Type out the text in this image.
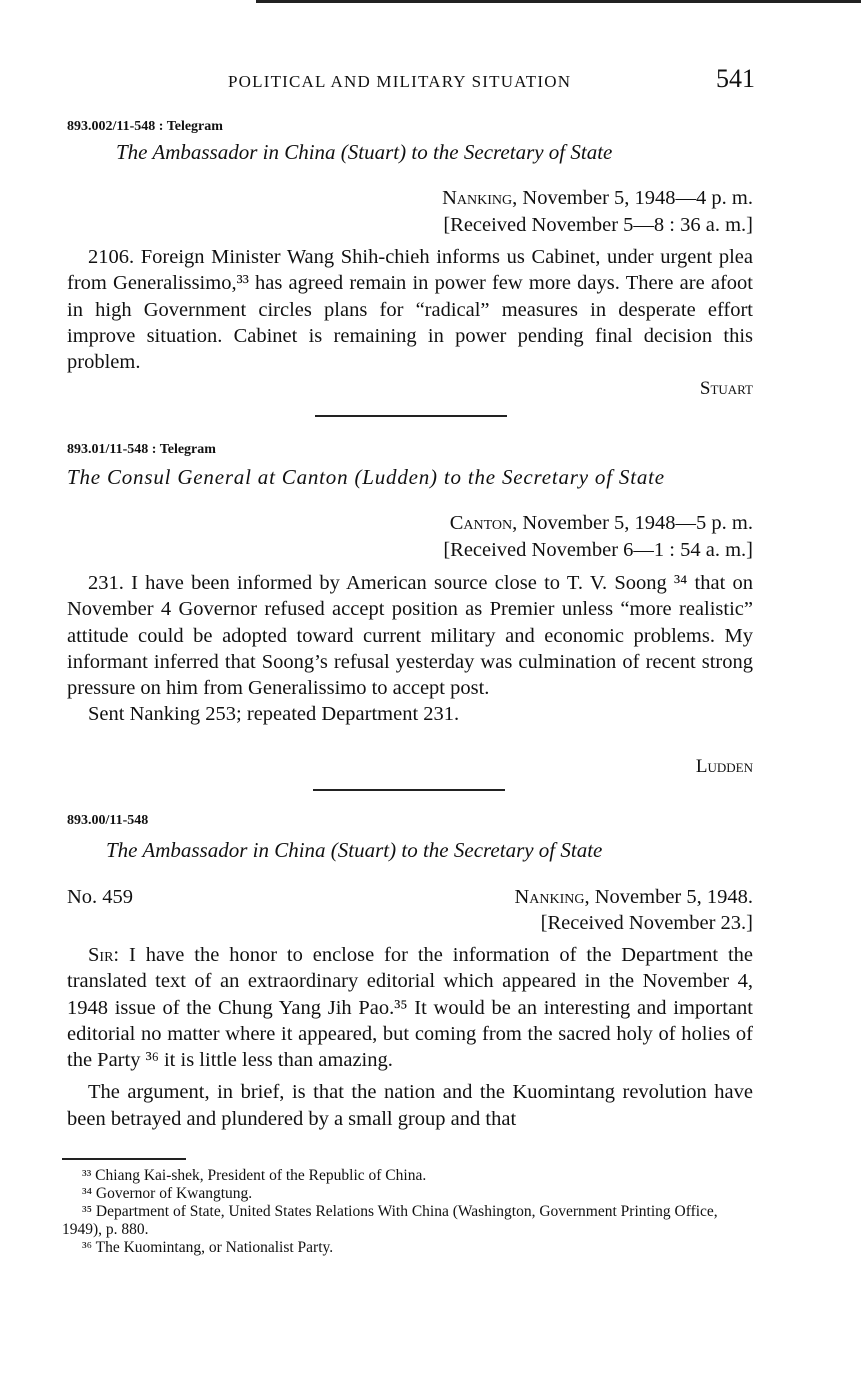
POLITICAL AND MILITARY SITUATION	541
893.002/11-548 : Telegram
The Ambassador in China (Stuart) to the Secretary of State
Nanking, November 5, 1948—4 p. m.
[Received November 5—8 : 36 a. m.]

2106. Foreign Minister Wang Shih-chieh informs us Cabinet, under urgent plea from Generalissimo,³³ has agreed remain in power few more days. There are afoot in high Government circles plans for “radical” measures in desperate effort improve situation. Cabinet is remaining in power pending final decision this problem.

Stuart
893.01/11-548 : Telegram
The Consul General at Canton (Ludden) to the Secretary of State
Canton, November 5, 1948—5 p. m.
[Received November 6—1 : 54 a. m.]

231. I have been informed by American source close to T. V. Soong ³⁴ that on November 4 Governor refused accept position as Premier unless “more realistic” attitude could be adopted toward current military and economic problems. My informant inferred that Soong’s refusal yesterday was culmination of recent strong pressure on him from Generalissimo to accept post.

Sent Nanking 253; repeated Department 231.

Ludden
893.00/11-548
The Ambassador in China (Stuart) to the Secretary of State
No. 459	Nanking, November 5, 1948.
[Received November 23.]

Sir: I have the honor to enclose for the information of the Department the translated text of an extraordinary editorial which appeared in the November 4, 1948 issue of the Chung Yang Jih Pao.³⁵ It would be an interesting and important editorial no matter where it appeared, but coming from the sacred holy of holies of the Party ³⁶ it is little less than amazing.

The argument, in brief, is that the nation and the Kuomintang revolution have been betrayed and plundered by a small group and that

³³ Chiang Kai-shek, President of the Republic of China.
³⁴ Governor of Kwangtung.
³⁵ Department of State, United States Relations With China (Washington, Government Printing Office, 1949), p. 880.
³⁶ The Kuomintang, or Nationalist Party.
